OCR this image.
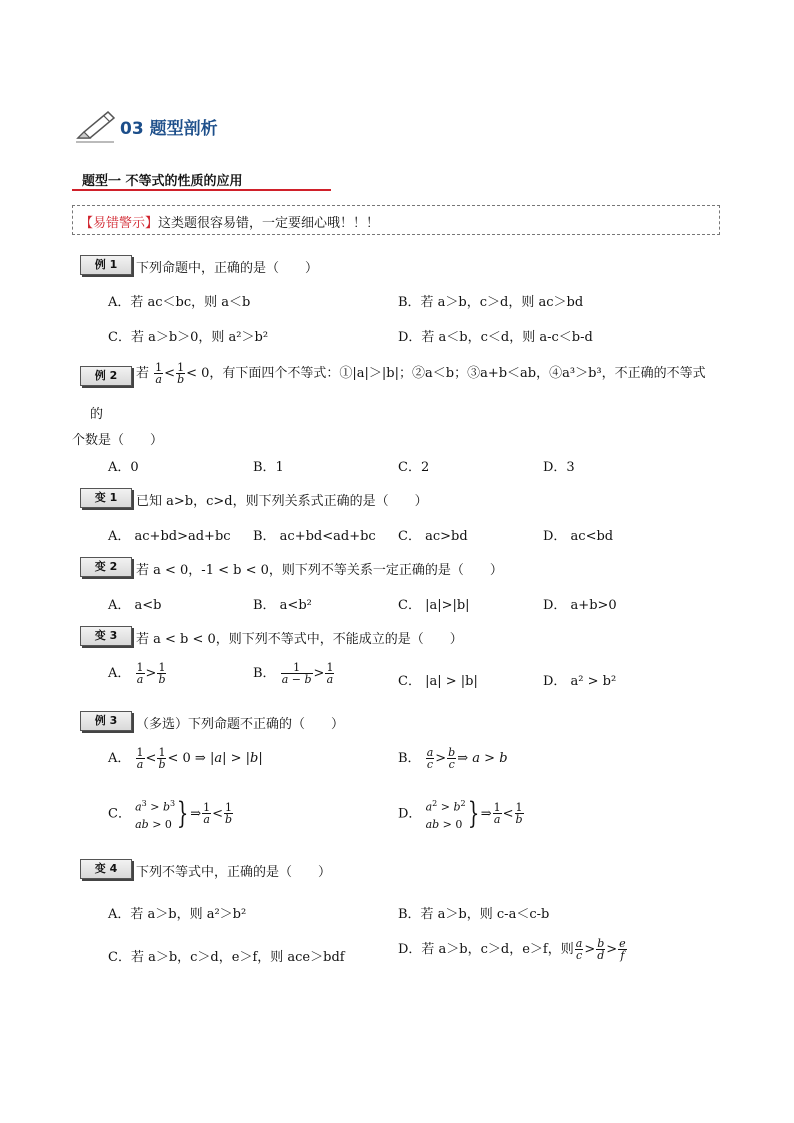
03 题型剖析
题型一 不等式的性质的应用
【易错警示】这类题很容易错，一定要细心哦！！！
例 1	下列命题中，正确的是（　　）
A．若 ac＜bc，则 a＜b	B．若 a＞b，c＞d，则 ac＞bd
C．若 a＞b＞0，则 a²＞b²	D．若 a＜b，c＜d，则 a-c＜b-d
例 2	若 $\frac{1}{a} < \frac{1}{b} < 0$，有下面四个不等式：①|a|＞|b|；②a＜b；③a+b＜ab，④a³＞b³，不正确的不等式
的
个数是（　　）
A．0	B．1	C．2	D．3
变 1	已知 a>b，c>d，则下列关系式正确的是（　　）
A． ac+bd>ad+bc B． ac+bd<ad+bc C． ac>bd	D． ac<bd
变 2	若 a < 0，-1 < b < 0，则下列不等关系一定正确的是（　　）
A． a<b	B． a<b²	C． |a|>|b|	D． a+b>0
变 3	若 a < b < 0，则下列不等式中，不能成立的是（　　）
A． $\frac{1}{a} > \frac{1}{b}$	B． $\frac{1}{a - b} > \frac{1}{a}$	C． |a| > |b|	D． a² > b²
例 3	（多选）下列命题不正确的（　　）
A． $\frac{1}{a} < \frac{1}{b} < 0$ ⇒ |a| > |b|	B． $\frac{a}{c} > \frac{b}{c}$ ⇒ a > b
C． $a^3 > b^3$
ab > 0 } ⇒ $\frac{1}{a} < \frac{1}{b}$	D． $a^2 > b^2$
ab > 0 } ⇒ $\frac{1}{a} < \frac{1}{b}$
变 4	下列不等式中，正确的是（　　）
A．若 a＞b，则 a²＞b²	B．若 a＞b，则 c-a＜c-b
C．若 a＞b，c＞d，e＞f，则 ace＞bdf
D．若 a＞b，c＞d，e＞f，则 $\frac{a}{c} > \frac{b}{d} > \frac{e}{f}$
